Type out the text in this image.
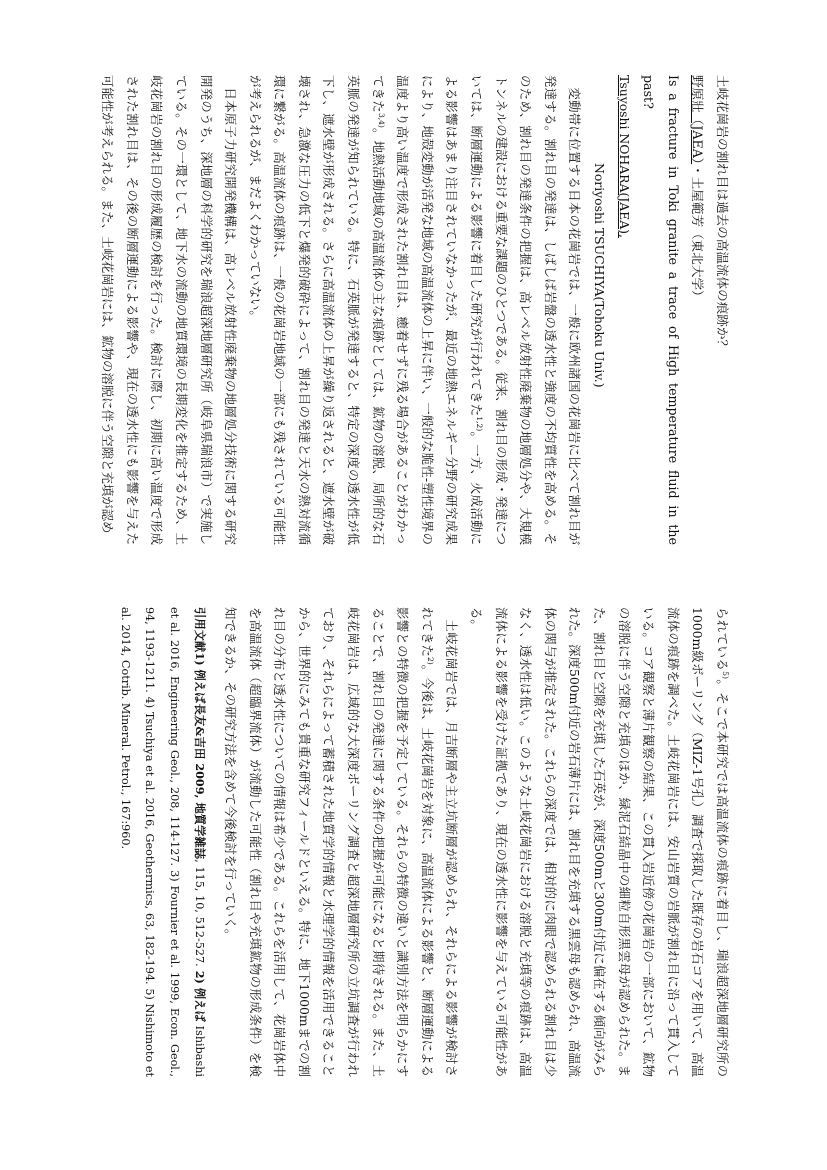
土岐花崗岩の割れ目は過去の高温流体の痕跡か？

野原壯（JAEA）・土屋範芳（東北大学）

Is a fracture in Toki granite a trace of High temperature fluid in the past?

Tsuyoshi NOHARA(JAEA),

Noriyoshi TSUCHIYA(Tohoku Univ.)

変動帯に位置する日本の花崗岩では、一般に欧州諸国の花崗岩に比べて割れ目が発達する。割れ目の発達は、しばしば岩盤の透水性と強度の不均質性を高める。そのため、割れ目の発達条件の把握は、高レベル放射性廃棄物の地層処分や、大規模トンネルの建設における重要な課題のひとつである。従来、割れ目の形成・発達については、断層運動による影響に着目した研究が行われてきた$^{1,2)}$。一方、火成活動による影響はあまり注目されていなかったが、最近の地熱エネルギー分野の研究成果により、地殻変動が活発な地域の高温流体の上昇に伴い、一般的な脆性-塑性境界の温度より高い温度で形成された割れ目は、癒着せずに残る場合があることがわかってきた$^{3,4)}$。地熱活動地域の高温流体の主な痕跡としては、鉱物の溶脱、局所的な石英脈の発達が知られている。特に、石英脈が発達すると、特定の深度の透水性が低下し、遮水壁が形成される。さらに高温流体の上昇が繰り返されると、遮水壁が破壊され、急激な圧力の低下と爆発的破砕によって、割れ目の発達と天水の熱対流循環に繋がる。高温流体の痕跡は、一般の花崗岩地域の一部にも残されている可能性が考えられるが、まだよくわかっていない。

日本原子力研究開発機構は、高レベル放射性廃棄物の地層処分技術に関する研究開発のうち、深地層の科学的研究を瑞浪超深地層研究所（岐阜県瑞浪市）で実施している。その一環として、地下水の流動の地質環境の長期変化を推定するため、土岐花崗岩の割れ目の形成履歴の検討を行った。検討に際し、初期に高い温度で形成された割れ目は、その後の断層運動による影響や、現在の透水性にも影響を与えた可能性が考えられる。また、土岐花崗岩には、鉱物の溶脱に伴う空隙と充填が認め

られている$^{5)}$。そこで本研究では高温流体の痕跡に着目し、瑞浪超深地層研究所の1000m級ボーリング（MIZ-1号孔）調査で採取した既存の岩石コアを用いて、高温流体の痕跡を調べた。土岐花崗岩には、安山岩質の岩脈が割れ目に沿って貫入している。コア観察と薄片観察の結果、この貫入岩近傍の花崗岩の一部において、鉱物の溶脱に伴う空隙と充填のほか、緑泥石結晶中の細粒自形黒雲母が認められた。また、割れ目と空隙を充填した石英が、深度500mと300m付近に偏在する傾向がみられた。深度500m付近の岩石薄片には、割れ目を充填する黒雲母も認められ、高温流体の関与が推定された。これらの深度では、相対的に肉眼で認められる割れ目は少なく、透水性は低い。このような土岐花崗岩における溶脱と充填等の痕跡は、高温流体による影響を受けた証拠であり、現在の透水性に影響を与えている可能性がある。

土岐花崗岩では、月吉断層や主立坑断層が認められ、それらによる影響が検討されてきた$^{2)}$。今後は、土岐花崗岩を対象に、高温流体による影響と、断層運動による影響との特徴の把握を予定している。それらの特徴の違いと識別方法を明らかにすることで、割れ目の発達に関する条件の把握が可能になると期待される。また、土岐花崗岩は、広域的な大深度ボーリング調査と超深地層研究所の立坑調査が行われており、それらによって蓄積された地質学的情報と水理学的情報を活用できることから、世界的にみても貴重な研究フィールドといえる。特に、地下1000mまでの割れ目の分布と透水性についての情報は希少である。これらを活用して、花崗岩体中を高温流体（超臨界流体）が流動した可能性（割れ目や充填鉱物の形成条件）を検知できるか、その研究方法を含めて今後検討を行っていく。

引用文献1) 例えば長友&吉田 2009, 地質学雑誌, 115, 10, 512-527. 2) 例えば Ishibashi et al. 2016, Engineering Geol., 208, 114-127. 3) Fournier et al. 1999, Econ. Geol., 94, 1193-1211. 4) Tsuchiya et al. 2016, Geothermics, 63, 182-194. 5) Nishimoto et al. 2014, Cotrib. Mineral. Petrol., 167:960.
